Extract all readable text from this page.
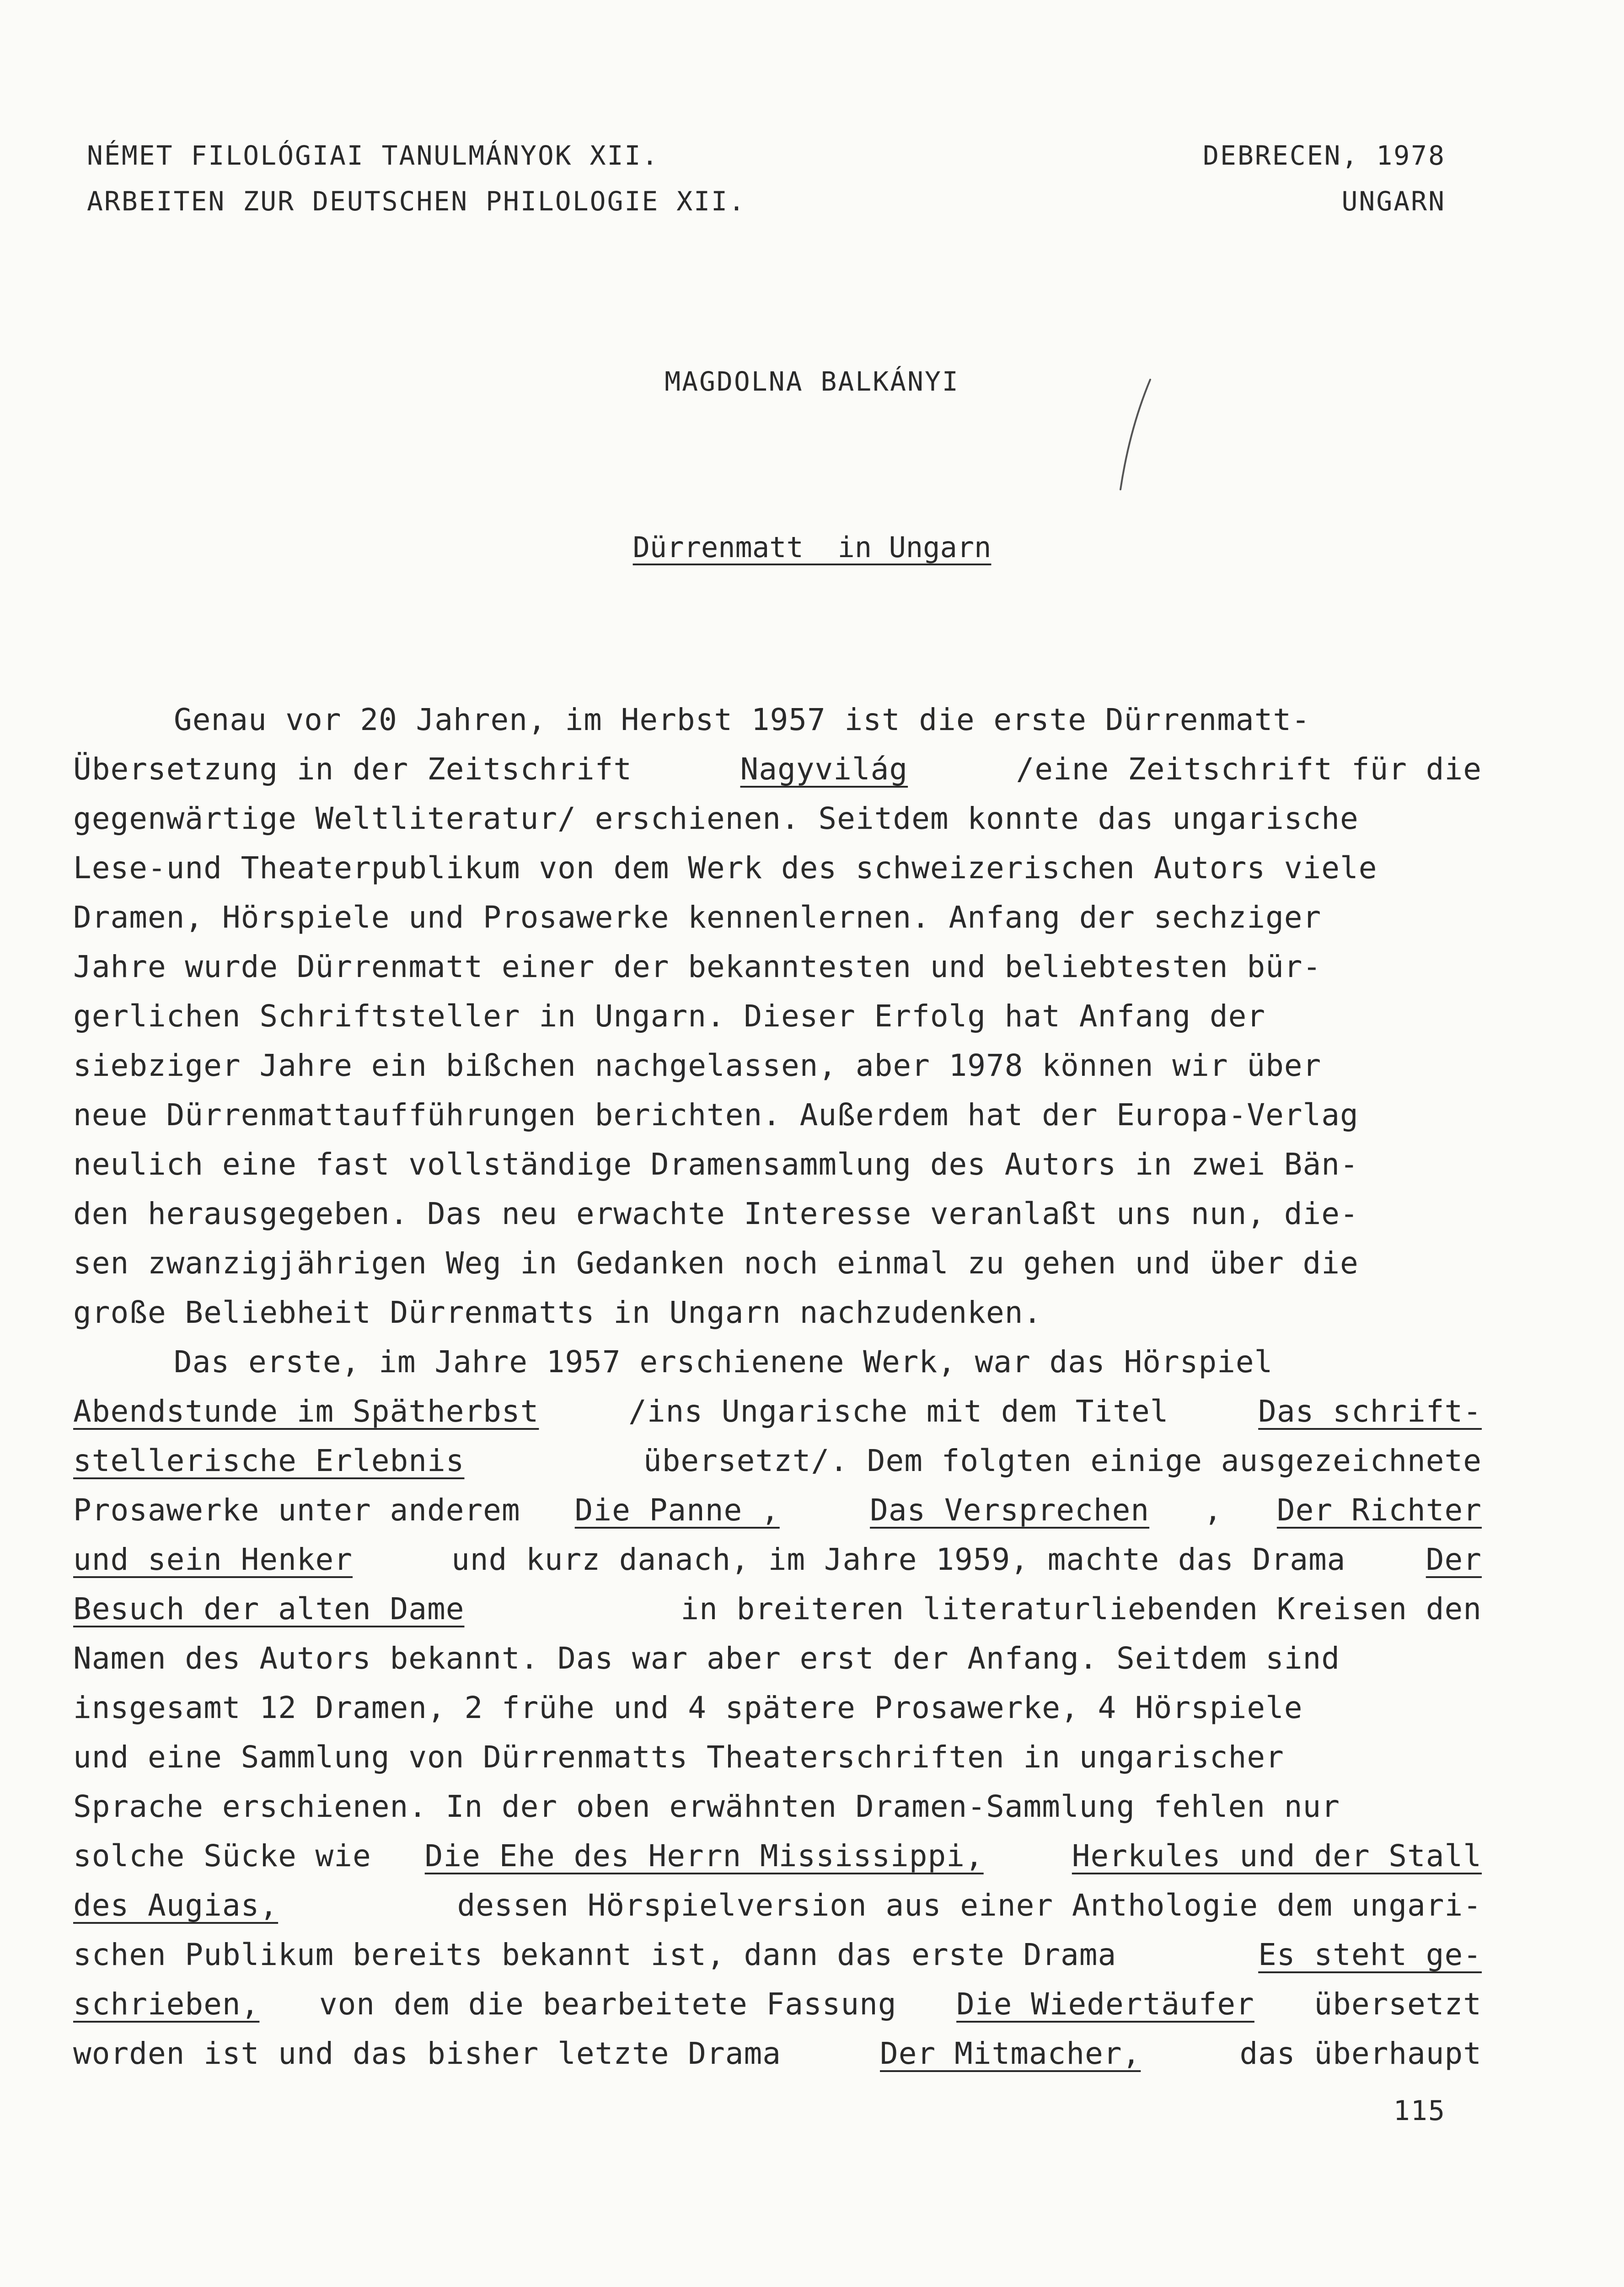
NÉMET FILOLÓGIAI TANULMÁNYOK XII.
ARBEITEN ZUR DEUTSCHEN PHILOLOGIE XII.
DEBRECEN, 1978
UNGARN
MAGDOLNA BALKÁNYI
Dürrenmatt  in Ungarn
Genau vor 20 Jahren, im Herbst 1957 ist die erste Dürrenmatt-
Übersetzung in der Zeitschrift	Nagyvilág	/eine Zeitschrift für die
gegenwärtige Weltliteratur/ erschienen. Seitdem konnte das ungarische
Lese-und Theaterpublikum von dem Werk des schweizerischen Autors viele
Dramen, Hörspiele und Prosawerke kennenlernen. Anfang der sechziger
Jahre wurde Dürrenmatt einer der bekanntesten und beliebtesten bür-
gerlichen Schriftsteller in Ungarn. Dieser Erfolg hat Anfang der
siebziger Jahre ein bißchen nachgelassen, aber 1978 können wir über
neue Dürrenmattaufführungen berichten. Außerdem hat der Europa-Verlag
neulich eine fast vollständige Dramensammlung des Autors in zwei Bän-
den herausgegeben. Das neu erwachte Interesse veranlaßt uns nun, die-
sen zwanzigjährigen Weg in Gedanken noch einmal zu gehen und über die
große Beliebheit Dürrenmatts in Ungarn nachzudenken.
Das erste, im Jahre 1957 erschienene Werk, war das Hörspiel
Abendstunde im Spätherbst /ins Ungarische mit dem Titel Das schrift-
stellerische Erlebnis	übersetzt/. Dem folgten einige ausgezeichnete
Prosawerke unter anderem Die Panne ,
	Das Versprechen , Der Richter
und sein Henker und kurz danach, im Jahre 1959, machte das Drama Der
Besuch der alten Dame	in breiteren literaturliebenden Kreisen den
Namen des Autors bekannt. Das war aber erst der Anfang. Seitdem sind
insgesamt 12 Dramen, 2 frühe und 4 spätere Prosawerke, 4 Hörspiele
und eine Sammlung von Dürrenmatts Theaterschriften in ungarischer
Sprache erschienen. In der oben erwähnten Dramen-Sammlung fehlen nur
solche Sücke wie Die Ehe des Herrn Mississippi,
	Herkules und der Stall
des Augias,	dessen Hörspielversion aus einer Anthologie dem ungari-
schen Publikum bereits bekannt ist, dann das erste Drama	Es steht ge-
schrieben, von dem die bearbeitete Fassung Die Wiedertäufer übersetzt
worden ist und das bisher letzte Drama	Der Mitmacher,	das überhaupt
115
